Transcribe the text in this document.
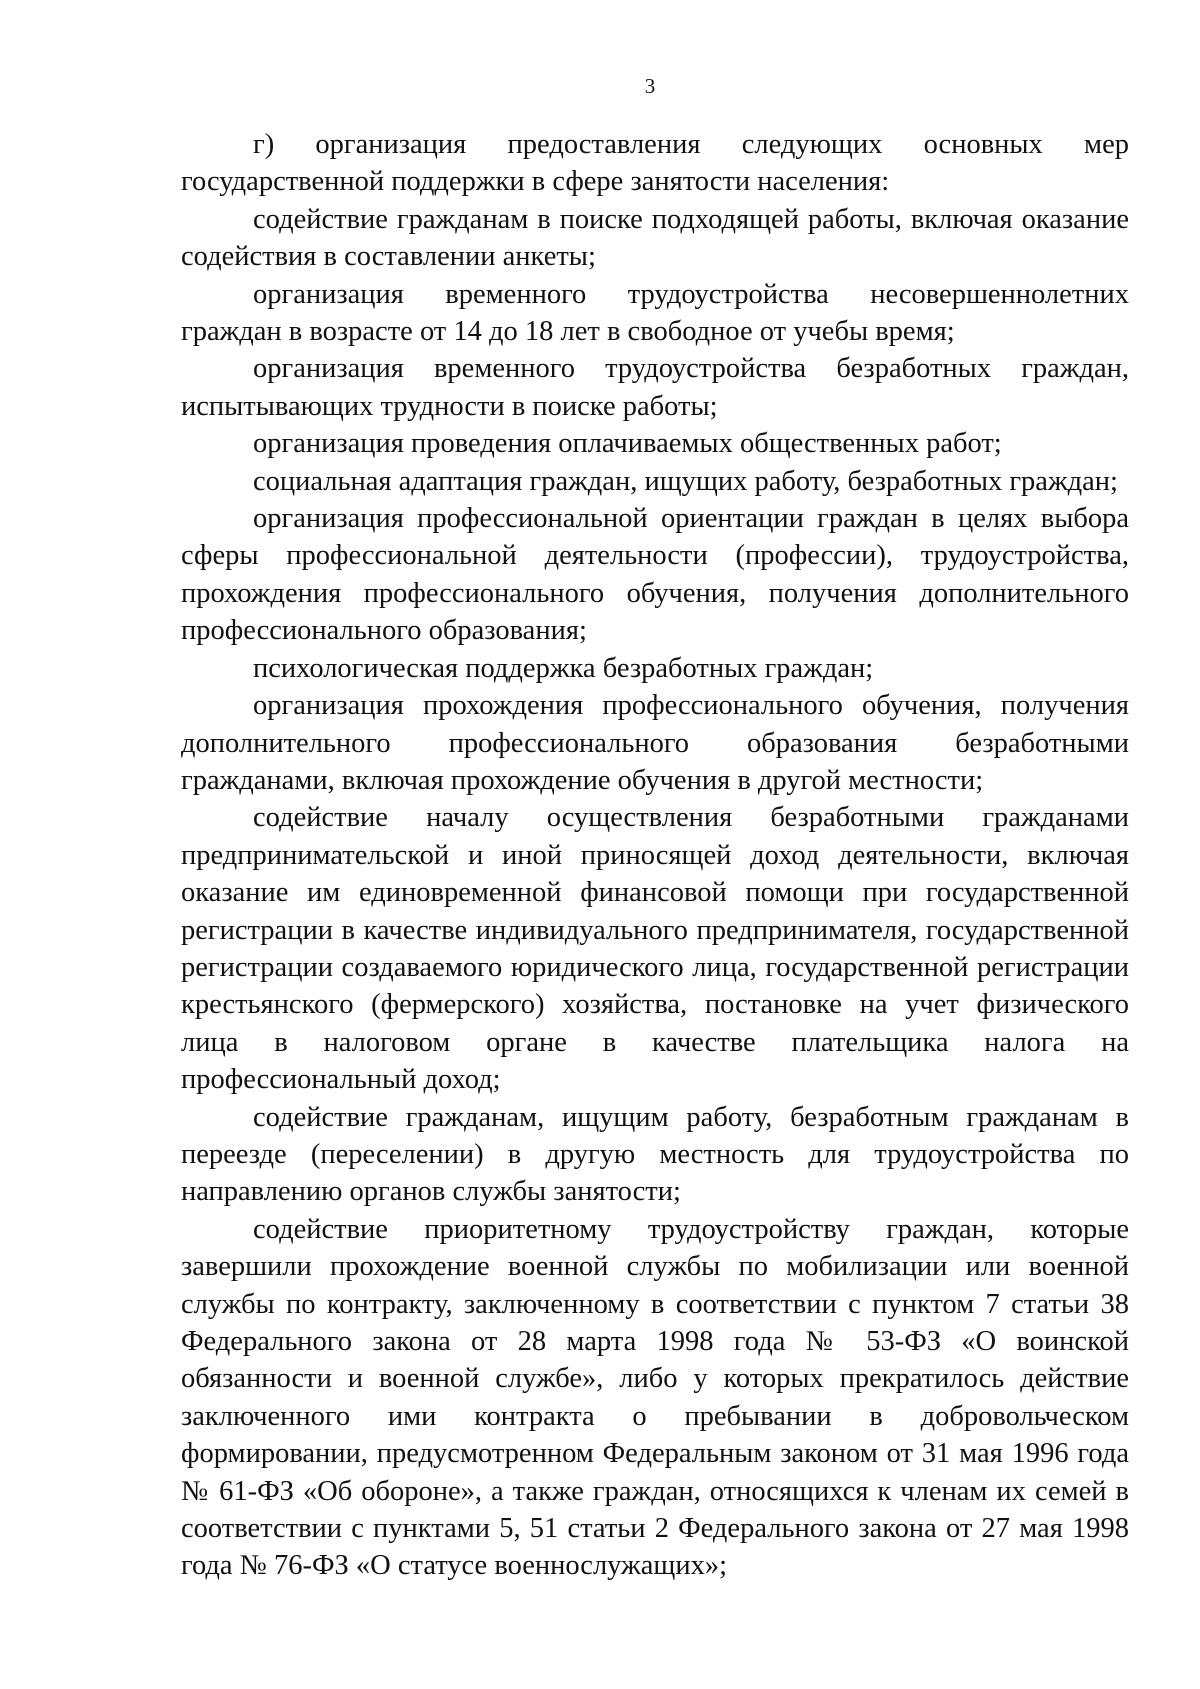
3

г) организация предоставления следующих основных мер государственной поддержки в сфере занятости населения:

содействие гражданам в поиске подходящей работы, включая оказание содействия в составлении анкеты;

организация временного трудоустройства несовершеннолетних граждан в возрасте от 14 до 18 лет в свободное от учебы время;

организация временного трудоустройства безработных граждан, испытывающих трудности в поиске работы;

организация проведения оплачиваемых общественных работ;

социальная адаптация граждан, ищущих работу, безработных граждан;

организация профессиональной ориентации граждан в целях выбора сферы профессиональной деятельности (профессии), трудоустройства, прохождения профессионального обучения, получения дополнительного профессионального образования;

психологическая поддержка безработных граждан;

организация прохождения профессионального обучения, получения дополнительного профессионального образования безработными гражданами, включая прохождение обучения в другой местности;

содействие началу осуществления безработными гражданами предпринимательской и иной приносящей доход деятельности, включая оказание им единовременной финансовой помощи при государственной регистрации в качестве индивидуального предпринимателя, государственной регистрации создаваемого юридического лица, государственной регистрации крестьянского (фермерского) хозяйства, постановке на учет физического лица в налоговом органе в качестве плательщика налога на профессиональный доход;

содействие гражданам, ищущим работу, безработным гражданам в переезде (переселении) в другую местность для трудоустройства по направлению органов службы занятости;

содействие приоритетному трудоустройству граждан, которые завершили прохождение военной службы по мобилизации или военной службы по контракту, заключенному в соответствии с пунктом 7 статьи 38 Федерального закона от 28 марта 1998 года № 53-ФЗ «О воинской обязанности и военной службе», либо у которых прекратилось действие заключенного ими контракта о пребывании в добровольческом формировании, предусмотренном Федеральным законом от 31 мая 1996 года № 61-ФЗ «Об обороне», а также граждан, относящихся к членам их семей в соответствии с пунктами 5, 51 статьи 2 Федерального закона от 27 мая 1998 года № 76-ФЗ «О статусе военнослужащих»;
